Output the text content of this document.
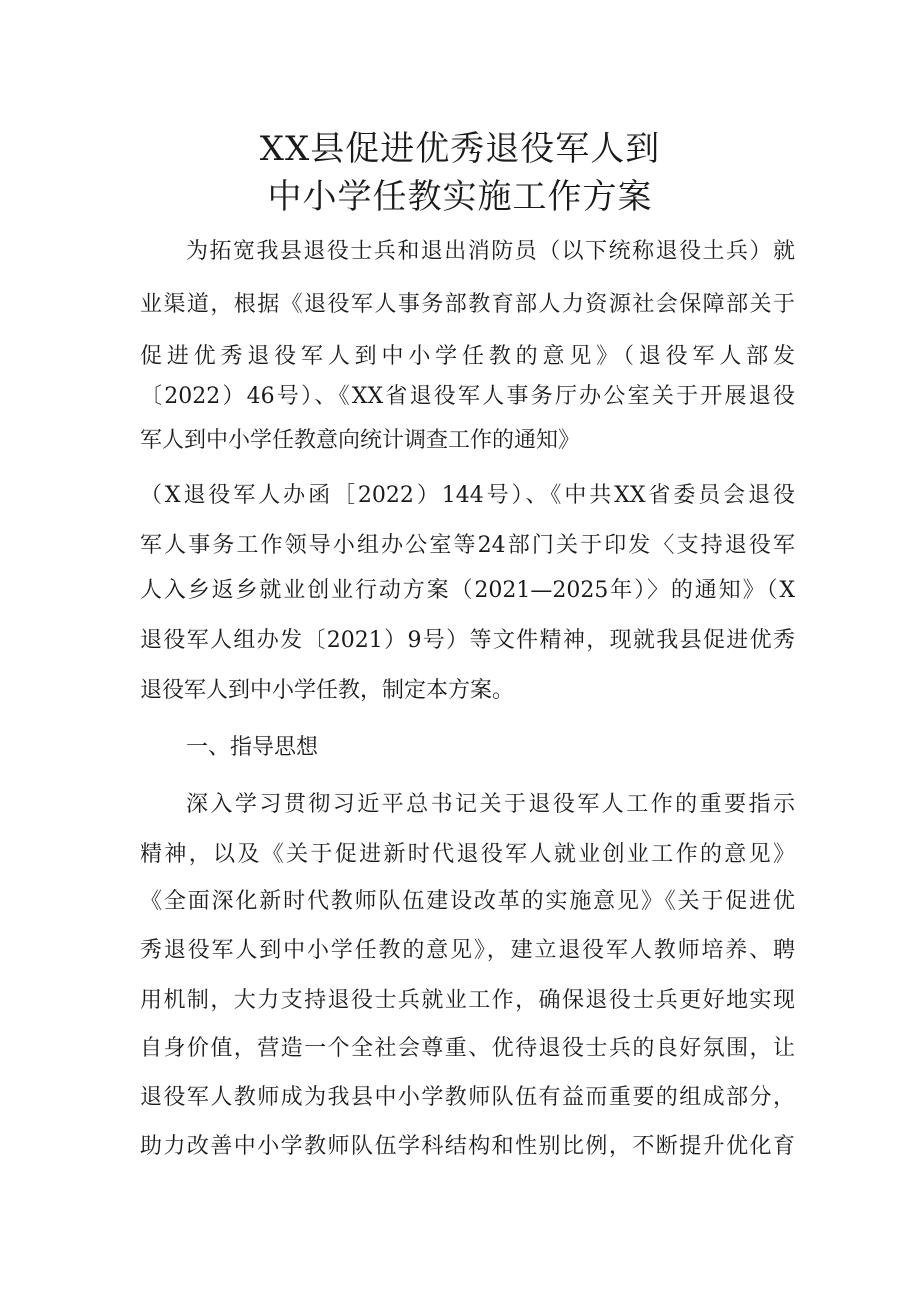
XX县促进优秀退役军人到
中小学任教实施工作方案
为拓宽我县退役士兵和退出消防员（以下统称退役土兵）就
业渠道，根据《退役军人事务部教育部人力资源社会保障部关于
促进优秀退役军人到中小学任教的意见》（退役军人部发
〔2022）46号）、《XX省退役军人事务厅办公室关于开展退役
军人到中小学任教意向统计调查工作的通知》
（X退役军人办函［2022）144号）、《中共XX省委员会退役
军人事务工作领导小组办公室等24部门关于印发〈支持退役军
人入乡返乡就业创业行动方案（2021—2025年）〉的通知》（X
退役军人组办发〔2021）9号）等文件精神，现就我县促进优秀
退役军人到中小学任教，制定本方案。
一、指导思想
深入学习贯彻习近平总书记关于退役军人工作的重要指示
精神，以及《关于促进新时代退役军人就业创业工作的意见》
《全面深化新时代教师队伍建设改革的实施意见》《关于促进优
秀退役军人到中小学任教的意见》，建立退役军人教师培养、聘
用机制，大力支持退役士兵就业工作，确保退役士兵更好地实现
自身价值，营造一个全社会尊重、优待退役士兵的良好氛围，让
退役军人教师成为我县中小学教师队伍有益而重要的组成部分，
助力改善中小学教师队伍学科结构和性别比例，不断提升优化育
